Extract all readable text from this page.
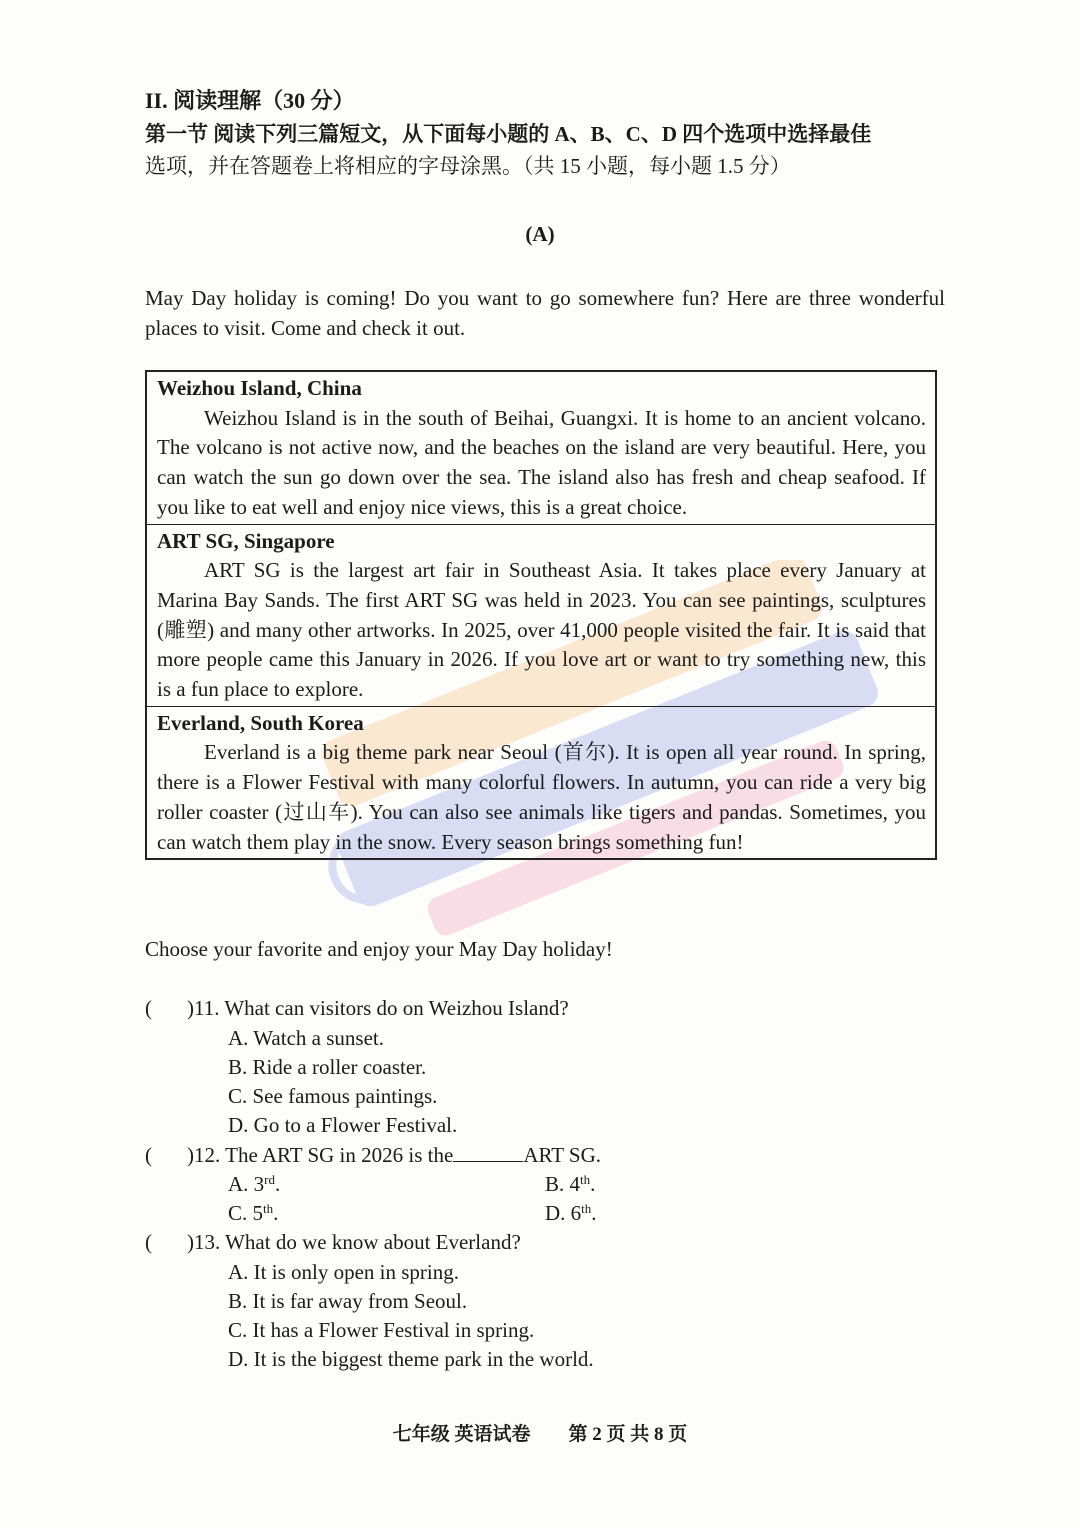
II. 阅读理解（30 分）
第一节 阅读下列三篇短文，从下面每小题的 A、B、C、D 四个选项中选择最佳
选项，并在答题卷上将相应的字母涂黑。（共 15 小题，每小题 1.5 分）
(A)
May Day holiday is coming! Do you want to go somewhere fun? Here are three wonderful places to visit. Come and check it out.
Weizhou Island, China
Weizhou Island is in the south of Beihai, Guangxi. It is home to an ancient volcano. The volcano is not active now, and the beaches on the island are very beautiful. Here, you can watch the sun go down over the sea. The island also has fresh and cheap seafood. If you like to eat well and enjoy nice views, this is a great choice.
ART SG, Singapore
ART SG is the largest art fair in Southeast Asia. It takes place every January at Marina Bay Sands. The first ART SG was held in 2023. You can see paintings, sculptures (雕塑) and many other artworks. In 2025, over 41,000 people visited the fair. It is said that more people came this January in 2026. If you love art or want to try something new, this is a fun place to explore.
Everland, South Korea
Everland is a big theme park near Seoul (首尔). It is open all year round. In spring, there is a Flower Festival with many colorful flowers. In autumn, you can ride a very big roller coaster (过山车). You can also see animals like tigers and pandas. Sometimes, you can watch them play in the snow. Every season brings something fun!
Choose your favorite and enjoy your May Day holiday!
( )11. What can visitors do on Weizhou Island?
A. Watch a sunset.
B. Ride a roller coaster.
C. See famous paintings.
D. Go to a Flower Festival.
( )12. The ART SG in 2026 is the	ART SG.
A. 3rd.	B. 4th.
C. 5th.	D. 6th.
( )13. What do we know about Everland?
A. It is only open in spring.
B. It is far away from Seoul.
C. It has a Flower Festival in spring.
D. It is the biggest theme park in the world.
七年级 英语试卷　　第 2 页 共 8 页
